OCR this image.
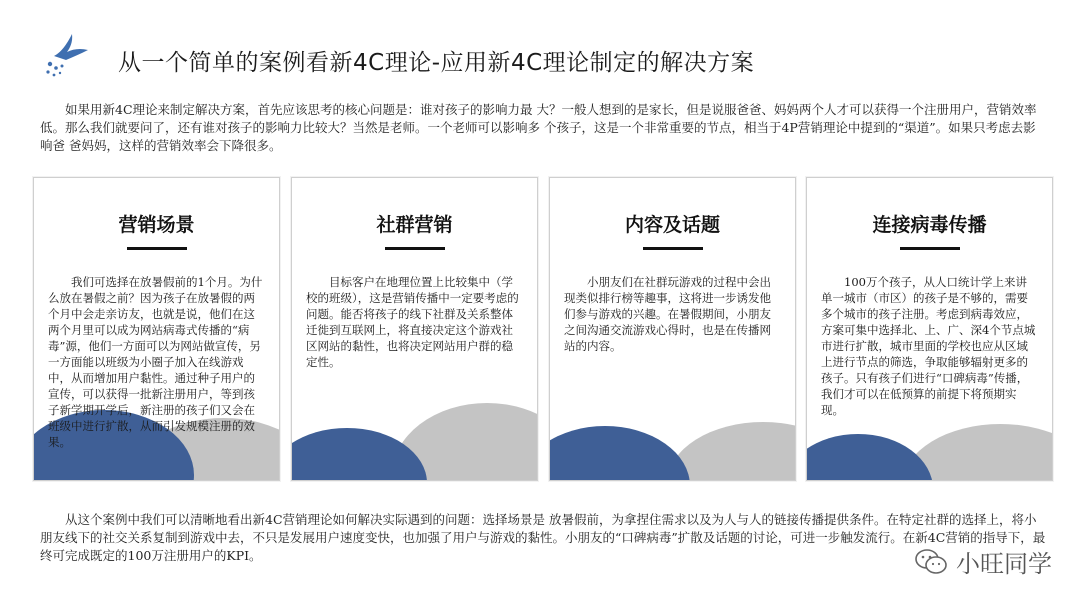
从一个简单的案例看新4C理论-应用新4C理论制定的解决方案

如果用新4C理论来制定解决方案，首先应该思考的核心问题是：谁对孩子的影响力最 大？一般人想到的是家长，但是说服爸爸、妈妈两个人才可以获得一个注册用户，营销效率 低。那么我们就要问了，还有谁对孩子的影响力比较大？当然是老师。一个老师可以影响多 个孩子，这是一个非常重要的节点，相当于4P营销理论中提到的“渠道”。如果只考虑去影响爸 爸妈妈，这样的营销效率会下降很多。

营销场景

我们可选择在放暑假前的1个月。为什么放在暑假之前？因为孩子在放暑假的两个月中会走亲访友，也就是说，他们在这两个月里可以成为网站病毒式传播的“病毒”源，他们一方面可以为网站做宣传，另一方面能以班级为小圈子加入在线游戏中，从而增加用户黏性。通过种子用户的宣传，可以获得一批新注册用户，等到孩子新学期开学后，新注册的孩子们又会在班级中进行扩散，从而引发规模注册的效果。

社群营销

目标客户在地理位置上比较集中（学校的班级），这是营销传播中一定要考虑的问题。能否将孩子的线下社群及关系整体迁徙到互联网上，将直接决定这个游戏社区网站的黏性，也将决定网站用户群的稳定性。

内容及话题

小朋友们在社群玩游戏的过程中会出现类似排行榜等趣事，这将进一步诱发他们参与游戏的兴趣。在暑假期间，小朋友之间沟通交流游戏心得时，也是在传播网站的内容。

连接病毒传播

100万个孩子，从人口统计学上来讲单一城市（市区）的孩子是不够的，需要多个城市的孩子注册。考虑到病毒效应，方案可集中选择北、上、广、深4个节点城市进行扩散，城市里面的学校也应从区域上进行节点的筛选，争取能够辐射更多的孩子。只有孩子们进行“口碑病毒”传播，我们才可以在低预算的前提下将预期实现。

从这个案例中我们可以清晰地看出新4C营销理论如何解决实际遇到的问题：选择场景是 放暑假前，为拿捏住需求以及为人与人的链接传播提供条件。在特定社群的选择上，将小朋友线下的社交关系复制到游戏中去，不只是发展用户速度变快，也加强了用户与游戏的黏性。小朋友的“口碑病毒”扩散及话题的讨论，可进一步触发流行。在新4C营销的指导下，最终可完成既定的100万注册用户的KPI。	小旺同学
